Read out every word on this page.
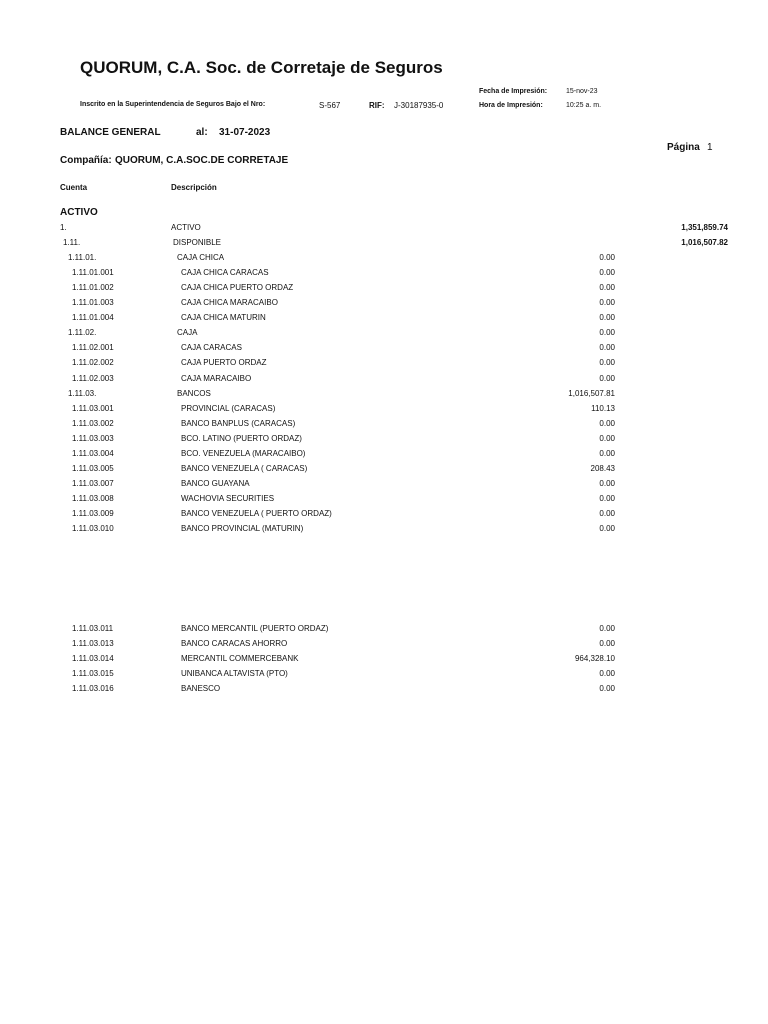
QUORUM, C.A. Soc. de Corretaje de Seguros
Fecha de Impresión:	15-nov-23
Inscrito en la Superintendencia de Seguros Bajo el Nro:	S-567	RIF: J-30187935-0	Hora de Impresión:	10:25 a. m.
BALANCE GENERAL	al: 31-07-2023
Página 1
Compañía: QUORUM, C.A.SOC.DE CORRETAJE
Cuenta	Descripción
ACTIVO
1.	ACTIVO	1,351,859.74
1.11.	DISPONIBLE	1,016,507.82
1.11.01.	CAJA CHICA	0.00
1.11.01.001	CAJA CHICA CARACAS	0.00
1.11.01.002	CAJA CHICA PUERTO ORDAZ	0.00
1.11.01.003	CAJA CHICA MARACAIBO	0.00
1.11.01.004	CAJA CHICA MATURIN	0.00
1.11.02.	CAJA	0.00
1.11.02.001	CAJA CARACAS	0.00
1.11.02.002	CAJA PUERTO ORDAZ	0.00
1.11.02.003	CAJA MARACAIBO	0.00
1.11.03.	BANCOS	1,016,507.81
1.11.03.001	PROVINCIAL (CARACAS)	110.13
1.11.03.002	BANCO BANPLUS (CARACAS)	0.00
1.11.03.003	BCO. LATINO (PUERTO ORDAZ)	0.00
1.11.03.004	BCO. VENEZUELA (MARACAIBO)	0.00
1.11.03.005	BANCO VENEZUELA ( CARACAS)	208.43
1.11.03.007	BANCO GUAYANA	0.00
1.11.03.008	WACHOVIA SECURITIES	0.00
1.11.03.009	BANCO VENEZUELA ( PUERTO ORDAZ)	0.00
1.11.03.010	BANCO PROVINCIAL (MATURIN)	0.00
1.11.03.011	BANCO MERCANTIL (PUERTO ORDAZ)	0.00
1.11.03.013	BANCO CARACAS AHORRO	0.00
1.11.03.014	MERCANTIL COMMERCEBANK	964,328.10
1.11.03.015	UNIBANCA ALTAVISTA (PTO)	0.00
1.11.03.016	BANESCO	0.00
